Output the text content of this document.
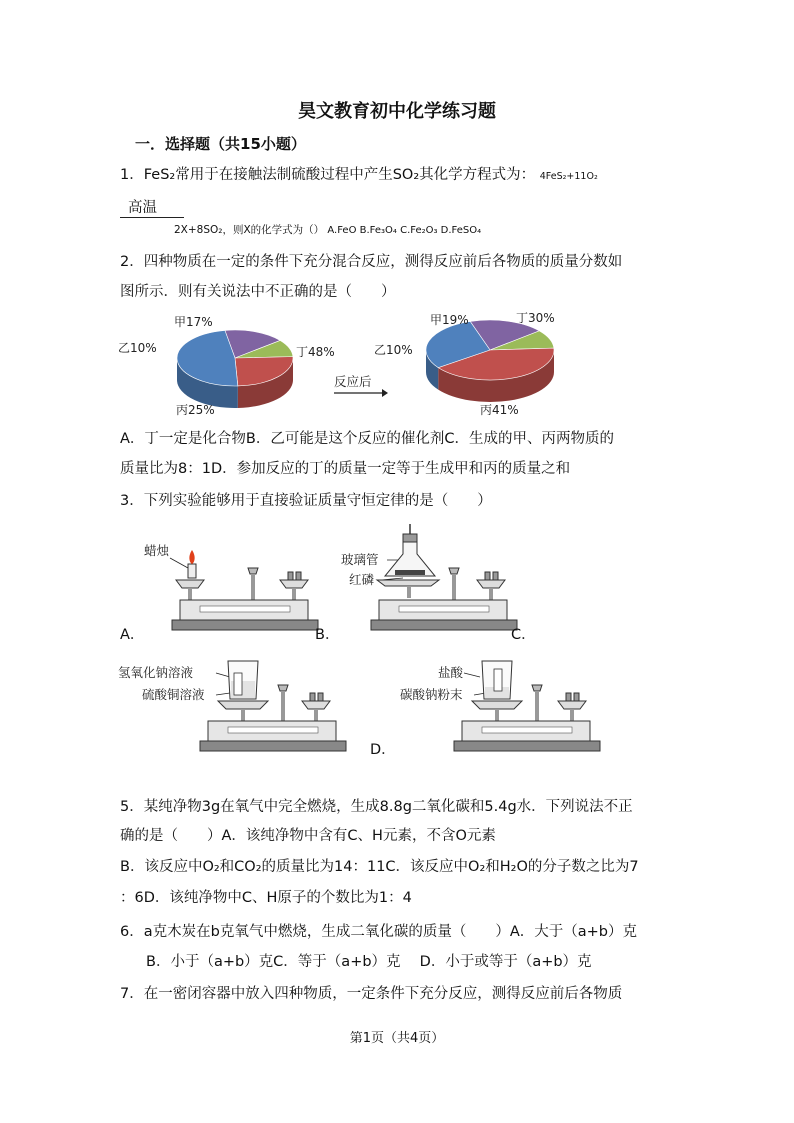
昊文教育初中化学练习题
一．选择题（共15小题）
1．FeS₂常用于在接触法制硫酸过程中产生SO₂其化学方程式为： 4FeS₂+11O₂
高温
2X+8SO₂，则X的化学式为（） A.FeO B.Fe₃O₄ C.Fe₂O₃ D.FeSO₄
2．四种物质在一定的条件下充分混合反应，测得反应前后各物质的质量分数如
图所示．则有关说法中不正确的是（　　）
甲17%
乙10%
丙25%
丁48%
甲19%
乙10%
丙41%
丁30%
反应后
A．丁一定是化合物B．乙可能是这个反应的催化剂C．生成的甲、丙两物质的
质量比为8：1D．参加反应的丁的质量一定等于生成甲和丙的质量之和
3．下列实验能够用于直接验证质量守恒定律的是（　　）
蜡烛
A．
玻璃管
红磷
B．	C．
氢氧化钠溶液
硫酸铜溶液
D．
盐酸
碳酸钠粉末
5．某纯净物3g在氧气中完全燃烧，生成8.8g二氧化碳和5.4g水．下列说法不正
确的是（　　）A．该纯净物中含有C、H元素，不含O元素
B．该反应中O₂和CO₂的质量比为14：11C．该反应中O₂和H₂O的分子数之比为7
：6D．该纯净物中C、H原子的个数比为1：4
6．a克木炭在b克氧气中燃烧，生成二氧化碳的质量（　　）A．大于（a+b）克
B．小于（a+b）克C．等于（a+b）克　 D．小于或等于（a+b）克
7．在一密闭容器中放入四种物质，一定条件下充分反应，测得反应前后各物质
第1页（共4页）
